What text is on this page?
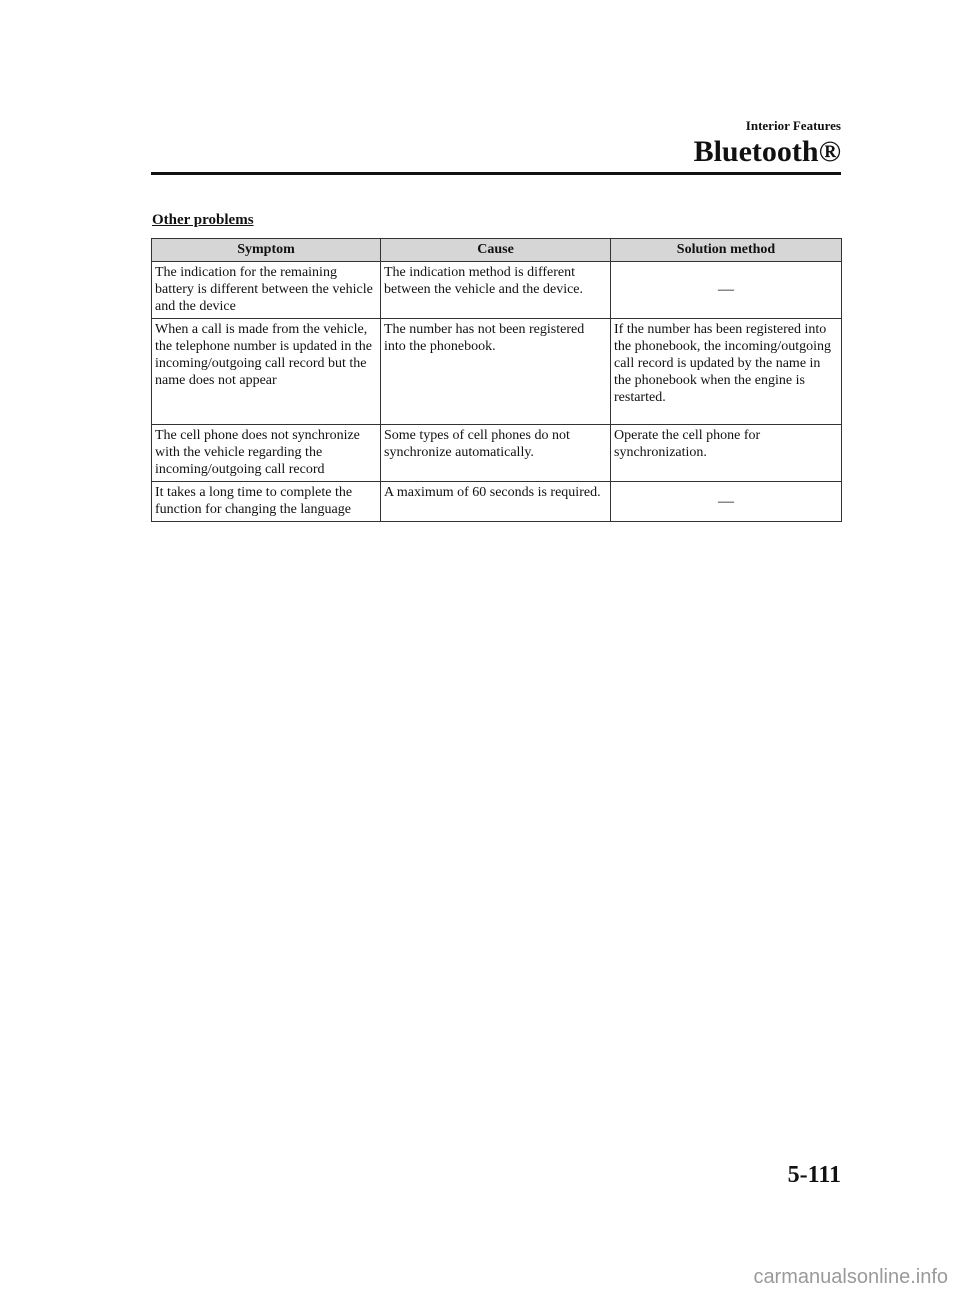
Interior Features
Bluetooth®
Other problems
Symptom	Cause	Solution method
The indication for the remaining battery is different between the vehicle and the device	The indication method is different between the vehicle and the device.	—
When a call is made from the vehicle, the telephone number is updated in the incoming/outgoing call record but the name does not appear	The number has not been registered into the phonebook.	If the number has been registered into the phonebook, the incoming/outgoing call record is updated by the name in the phonebook when the engine is restarted.
The cell phone does not synchronize with the vehicle regarding the incoming/outgoing call record	Some types of cell phones do not synchronize automatically.	Operate the cell phone for synchronization.
It takes a long time to complete the function for changing the language	A maximum of 60 seconds is required.	—
5-111
carmanualsonline.info
